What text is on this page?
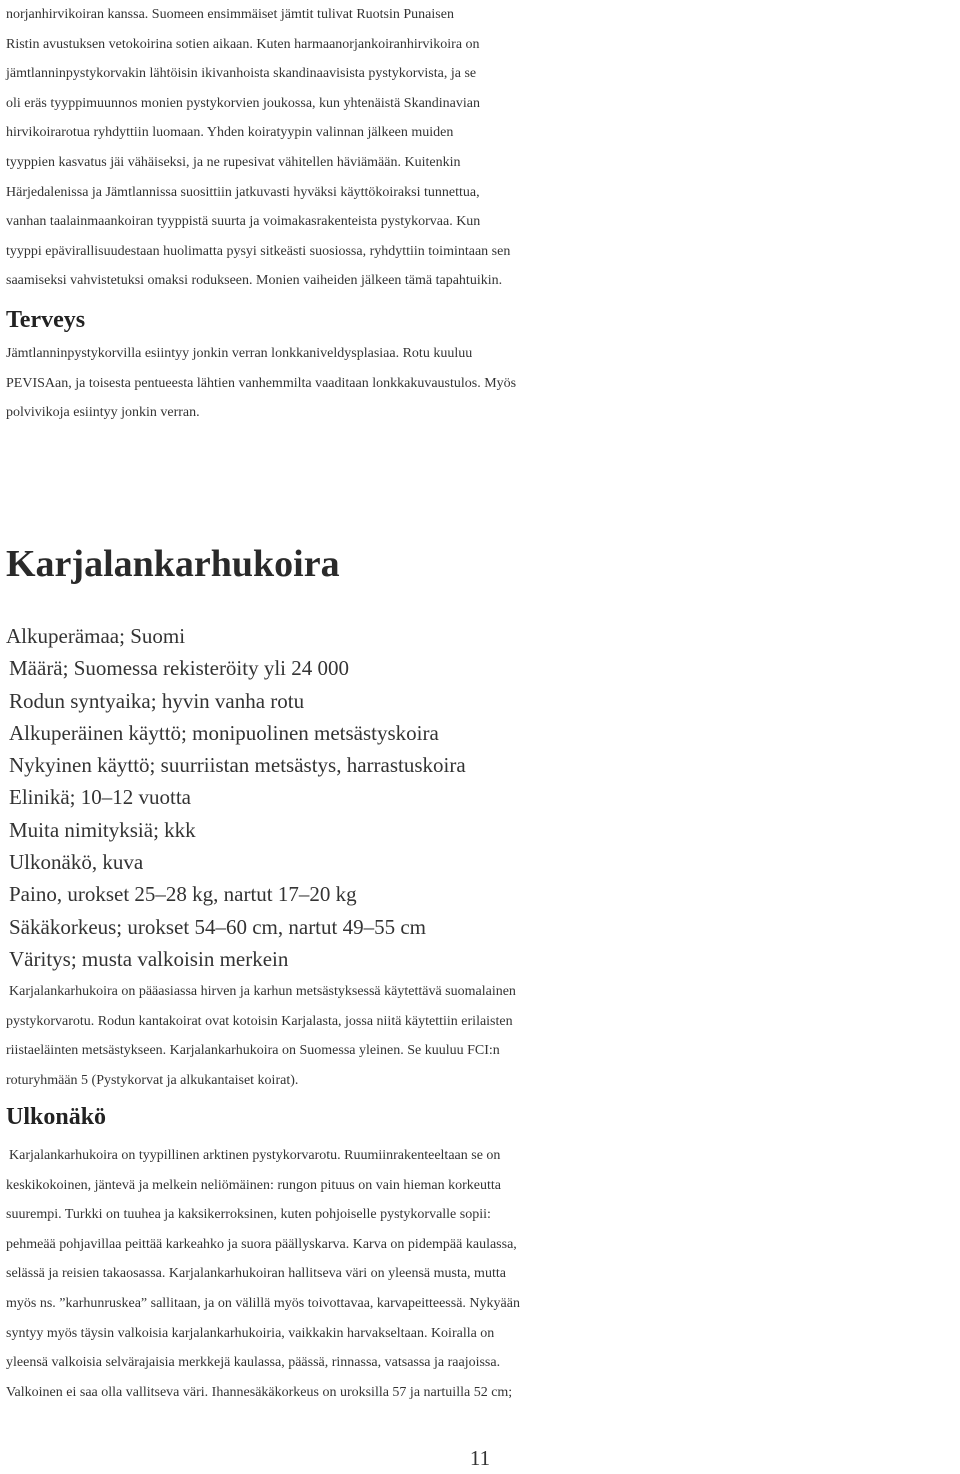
norjanhirvikoiran kanssa. Suomeen ensimmäiset jämtit tulivat Ruotsin Punaisen
Ristin avustuksen vetokoirina sotien aikaan. Kuten harmaanorjankoiranhirvikoira on
jämtlanninpystykorvakin lähtöisin ikivanhoista skandinaavisista pystykorvista, ja se
oli eräs tyyppimuunnos monien pystykorvien joukossa, kun yhtenäistä Skandinavian
hirvikoirarotua ryhdyttiin luomaan. Yhden koiratyypin valinnan jälkeen muiden
tyyppien kasvatus jäi vähäiseksi, ja ne rupesivat vähitellen häviämään. Kuitenkin
Härjedalenissa ja Jämtlannissa suosittiin jatkuvasti hyväksi käyttökoiraksi tunnettua,
vanhan taalainmaankoiran tyyppistä suurta ja voimakasrakenteista pystykorvaa. Kun
tyyppi epävirallisuudestaan huolimatta pysyi sitkeästi suosiossa, ryhdyttiin toimintaan sen
saamiseksi vahvistetuksi omaksi rodukseen. Monien vaiheiden jälkeen tämä tapahtuikin.
Terveys
Jämtlanninpystykorvilla esiintyy jonkin verran lonkkaniveldysplasiaa. Rotu kuuluu
PEVISAan, ja toisesta pentueesta lähtien vanhemmilta vaaditaan lonkkakuvaustulos. Myös
polvivikoja esiintyy jonkin verran.
Karjalankarhukoira
Alkuperämaa; Suomi
Määrä; Suomessa rekisteröity yli 24 000
Rodun syntyaika; hyvin vanha rotu
Alkuperäinen käyttö; monipuolinen metsästyskoira
Nykyinen käyttö; suurriistan metsästys, harrastuskoira
Elinikä; 10–12 vuotta
Muita nimityksiä; kkk
Ulkonäkö, kuva
Paino, urokset 25–28 kg, nartut 17–20 kg
Säkäkorkeus; urokset 54–60 cm, nartut 49–55 cm
Väritys; musta valkoisin merkein
Karjalankarhukoira on pääasiassa hirven ja karhun metsästyksessä käytettävä suomalainen
pystykorvarotu. Rodun kantakoirat ovat kotoisin Karjalasta, jossa niitä käytettiin erilaisten
riistaeläinten metsästykseen. Karjalankarhukoira on Suomessa yleinen. Se kuuluu FCI:n
roturyhmään 5 (Pystykorvat ja alkukantaiset koirat).
Ulkonäkö
Karjalankarhukoira on tyypillinen arktinen pystykorvarotu. Ruumiinrakenteeltaan se on
keskikokoinen, jäntevä ja melkein neliömäinen: rungon pituus on vain hieman korkeutta
suurempi. Turkki on tuuhea ja kaksikerroksinen, kuten pohjoiselle pystykorvalle sopii:
pehmeää pohjavillaa peittää karkeahko ja suora päällyskarva. Karva on pidempää kaulassa,
selässä ja reisien takaosassa. Karjalankarhukoiran hallitseva väri on yleensä musta, mutta
myös ns. ”karhunruskea” sallitaan, ja on välillä myös toivottavaa, karvapeitteessä. Nykyään
syntyy myös täysin valkoisia karjalankarhukoiria, vaikkakin harvakseltaan. Koiralla on
yleensä valkoisia selvärajaisia merkkejä kaulassa, päässä, rinnassa, vatsassa ja raajoissa.
Valkoinen ei saa olla vallitseva väri. Ihannesäkäkorkeus on uroksilla 57 ja nartuilla 52 cm;
11
